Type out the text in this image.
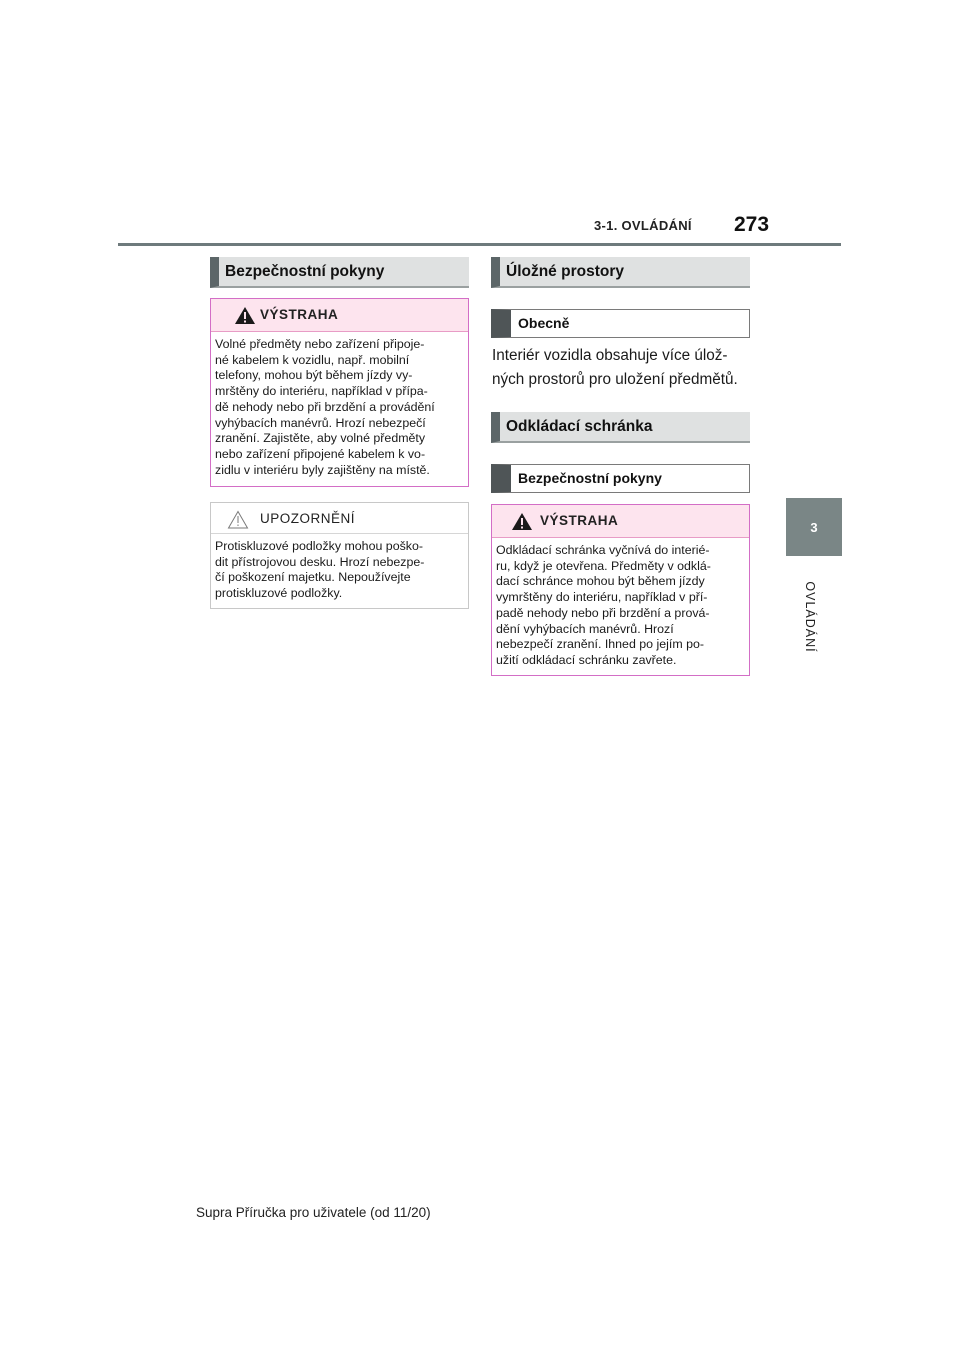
3-1. OVLÁDÁNÍ 273
3
OVLÁDÁNÍ
Bezpečnostní pokyny
VÝSTRAHA
Volné předměty nebo zařízení připoje-
né kabelem k vozidlu, např. mobilní
telefony, mohou být během jízdy vy-
mrštěny do interiéru, například v přípa-
dě nehody nebo při brzdění a provádění
vyhýbacích manévrů. Hrozí nebezpečí
zranění. Zajistěte, aby volné předměty
nebo zařízení připojené kabelem k vo-
zidlu v interiéru byly zajištěny na místě.
UPOZORNĚNÍ
Protiskluzové podložky mohou poško-
dit přístrojovou desku. Hrozí nebezpe-
čí poškození majetku. Nepoužívejte
protiskluzové podložky.
Úložné prostory
Obecně
Interiér vozidla obsahuje více úlož-
ných prostorů pro uložení předmětů.
Odkládací schránka
Bezpečnostní pokyny
VÝSTRAHA
Odkládací schránka vyčnívá do interié-
ru, když je otevřena. Předměty v odklá-
dací schránce mohou být během jízdy
vymrštěny do interiéru, například v pří-
padě nehody nebo při brzdění a prová-
dění vyhýbacích manévrů. Hrozí
nebezpečí zranění. Ihned po jejím po-
užití odkládací schránku zavřete.
Supra Příručka pro uživatele (od 11/20)
